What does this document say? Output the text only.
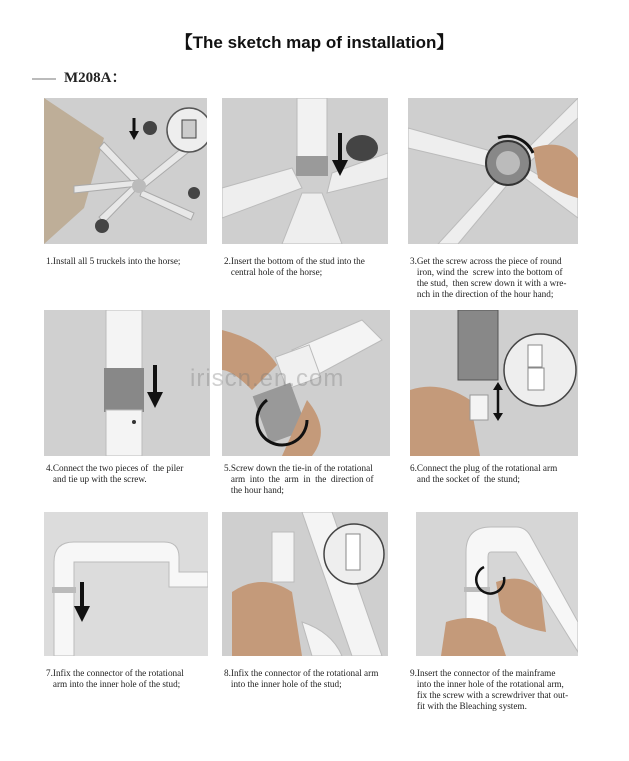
【The sketch map of installation】
M208A：
1.Install all 5 truckels into the horse;	2.Insert the bottom of the stud into the
central hole of the horse;
3.Get the screw across the piece of round
iron, wind the  screw into the bottom of
the stud,  then screw down it with a wre-
nch in the direction of the hour hand;
4.Connect the two pieces of  the piler
and tie up with the screw.
5.Screw down the tie-in of the rotational
arm  into  the  arm  in  the  direction of
the hour hand;
6.Connect the plug of the rotational arm
and the socket of  the stund;
7.Infix the connector of the rotational
arm into the inner hole of the stud;
8.Infix the connector of the rotational arm
into the inner hole of the stud;
9.Insert the connector of the mainframe
into the inner hole of the rotational arm,
fix the screw with a screwdriver that out-
fit with the Bleaching system.
iriscn.en.com
